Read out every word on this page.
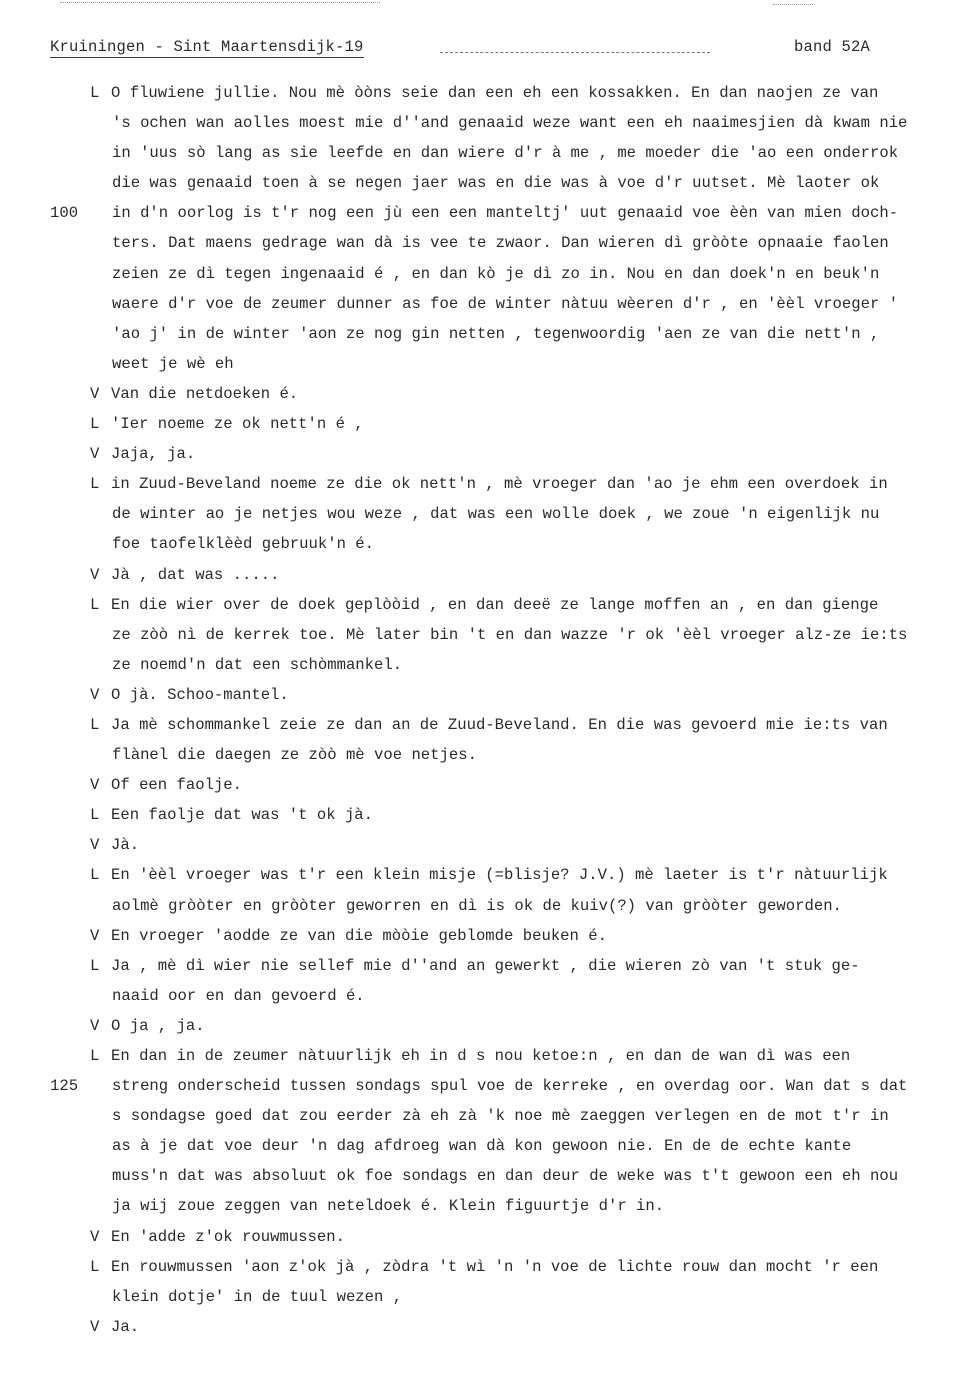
Kruiningen - Sint Maartensdijk-19	band 52A
L O fluwiene jullie. Nou mè òòns seie dan een eh een kossakken. En dan naojen ze van
's ochen wan aolles moest mie d''and genaaid weze want een eh naaimesjien dà kwam nie
in 'uus sò lang as sie leefde en dan wiere d'r à me , me moeder die 'ao een onderrok
die was genaaid toen à se negen jaer was en die was à voe d'r uutset. Mè laoter ok
100 in d'n oorlog is t'r nog een jù een een manteltj' uut genaaid voe èèn van mien doch-
ters. Dat maens gedrage wan dà is vee te zwaor. Dan wieren dì gròòte opnaaie faolen
zeien ze dì tegen ingenaaid é , en dan kò je dì zo in. Nou en dan doek'n en beuk'n
waere d'r voe de zeumer dunner as foe de winter nàtuu wèeren d'r , en 'èèl vroeger '
'ao j' in de winter 'aon ze nog gin netten , tegenwoordig 'aen ze van die nett'n ,
weet je wè eh
V Van die netdoeken é.
L 'Ier noeme ze ok nett'n é ,
V Jaja, ja.
L in Zuud-Beveland noeme ze die ok nett'n , mè vroeger dan 'ao je ehm een overdoek in
de winter ao je netjes wou weze , dat was een wolle doek , we zoue 'n eigenlijk nu
foe taofelklèèd gebruuk'n é.
V Jà , dat was .....
L En die wier over de doek geplòòid , en dan deeë ze lange moffen an , en dan gienge
ze zòò nì de kerrek toe. Mè later bin 't en dan wazze 'r ok 'èèl vroeger alz-ze ie:ts
ze noemd'n dat een schòmmankel.
V O jà. Schoo-mantel.
L Ja mè schommankel zeie ze dan an de Zuud-Beveland. En die was gevoerd mie ie:ts van
flànel die daegen ze zòò mè voe netjes.
V Of een faolje.
L Een faolje dat was 't ok jà.
V Jà.
L En 'èèl vroeger was t'r een klein misje (=blisje? J.V.) mè laeter is t'r nàtuurlijk
aolmè gròòter en gròòter geworren en dì is ok de kuiv(?) van gròòter geworden.
V En vroeger 'aodde ze van die mòòie geblomde beuken é.
L Ja , mè dì wier nie sellef mie d''and an gewerkt , die wieren zò van 't stuk ge-
naaid oor en dan gevoerd é.
V O ja , ja.
L En dan in de zeumer nàtuurlijk eh in d s nou ketoe:n , en dan de wan dì was een
125 streng onderscheid tussen sondags spul voe de kerreke , en overdag oor. Wan dat s dat
s sondagse goed dat zou eerder zà eh zà 'k noe mè zaeggen verlegen en de mot t'r in
as à je dat voe deur 'n dag afdroeg wan dà kon gewoon nie. En de de echte kante
muss'n dat was absoluut ok foe sondags en dan deur de weke was t't gewoon een eh nou
ja wij zoue zeggen van neteldoek é. Klein figuurtje d'r in.
V En 'adde z'ok rouwmussen.
L En rouwmussen 'aon z'ok jà , zòdra 't wì 'n 'n voe de lichte rouw dan mocht 'r een
klein dotje' in de tuul wezen ,
V Ja.
